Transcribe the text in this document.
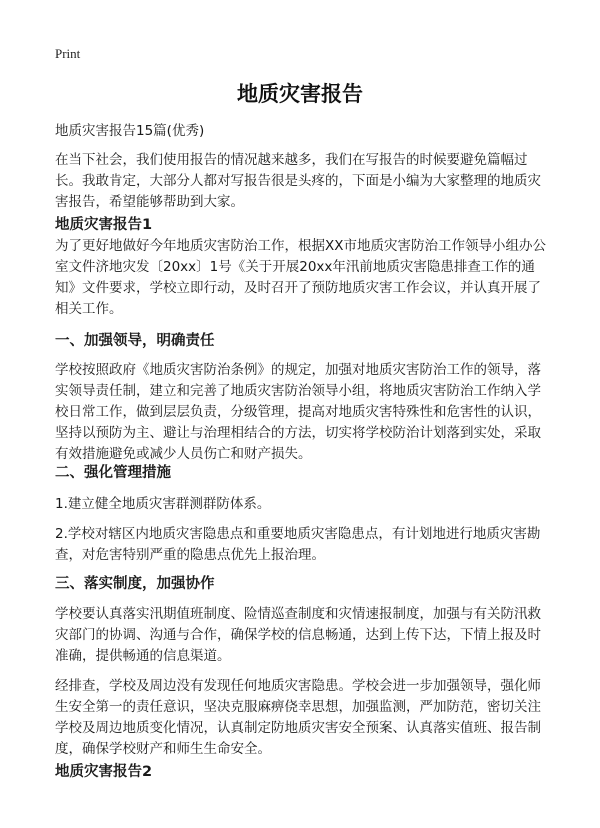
Print
地质灾害报告
地质灾害报告15篇(优秀)
在当下社会，我们使用报告的情况越来越多，我们在写报告的时候要避免篇幅过长。我敢肯定，大部分人都对写报告很是头疼的，下面是小编为大家整理的地质灾害报告，希望能够帮助到大家。
地质灾害报告1
为了更好地做好今年地质灾害防治工作，根据XX市地质灾害防治工作领导小组办公室文件济地灾发〔20xx〕1号《关于开展20xx年汛前地质灾害隐患排查工作的通知》文件要求，学校立即行动，及时召开了预防地质灾害工作会议，并认真开展了相关工作。
一、加强领导，明确责任
学校按照政府《地质灾害防治条例》的规定，加强对地质灾害防治工作的领导，落实领导责任制，建立和完善了地质灾害防治领导小组，将地质灾害防治工作纳入学校日常工作，做到层层负责，分级管理，提高对地质灾害特殊性和危害性的认识，坚持以预防为主、避让与治理相结合的方法，切实将学校防治计划落到实处，采取有效措施避免或减少人员伤亡和财产损失。
二、强化管理措施
1.建立健全地质灾害群测群防体系。
2.学校对辖区内地质灾害隐患点和重要地质灾害隐患点，有计划地进行地质灾害勘查，对危害特别严重的隐患点优先上报治理。
三、落实制度，加强协作
学校要认真落实汛期值班制度、险情巡查制度和灾情速报制度，加强与有关防汛救灾部门的协调、沟通与合作，确保学校的信息畅通，达到上传下达，下情上报及时准确，提供畅通的信息渠道。
经排查，学校及周边没有发现任何地质灾害隐患。学校会进一步加强领导，强化师生安全第一的责任意识，坚决克服麻痹侥幸思想，加强监测，严加防范，密切关注学校及周边地质变化情况，认真制定防地质灾害安全预案、认真落实值班、报告制度，确保学校财产和师生生命安全。
地质灾害报告2
